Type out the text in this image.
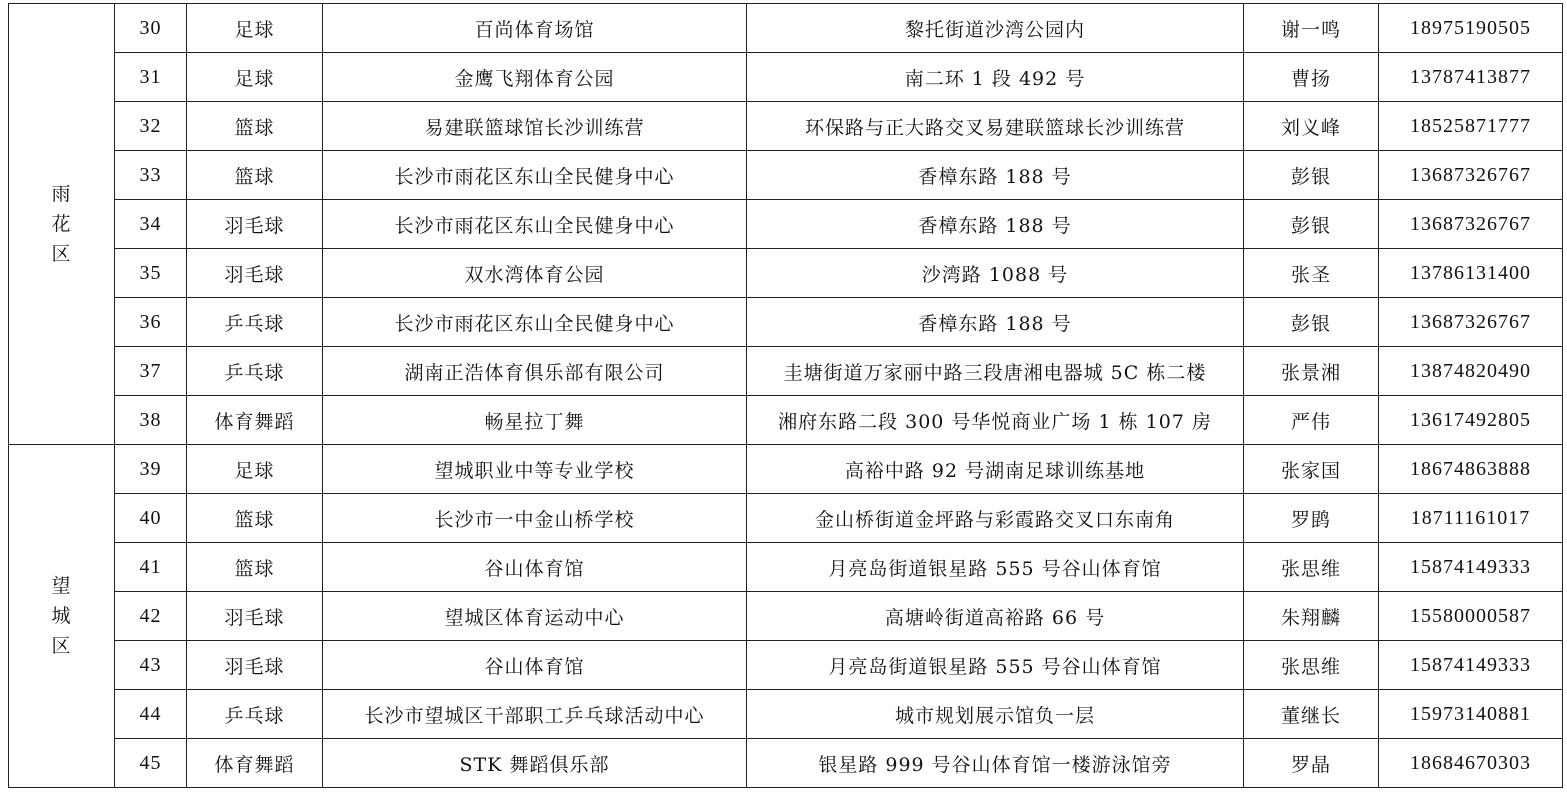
雨
花
区	30	足球	百尚体育场馆	黎托街道沙湾公园内	谢一鸣	18975190505
	31	足球	金鹰飞翔体育公园	南二环 1 段 492 号	曹扬	13787413877
	32	篮球	易建联篮球馆长沙训练营	环保路与正大路交叉易建联篮球长沙训练营	刘义峰	18525871777
	33	篮球	长沙市雨花区东山全民健身中心	香樟东路 188 号	彭银	13687326767
	34	羽毛球	长沙市雨花区东山全民健身中心	香樟东路 188 号	彭银	13687326767
	35	羽毛球	双水湾体育公园	沙湾路 1088 号	张圣	13786131400
	36	乒乓球	长沙市雨花区东山全民健身中心	香樟东路 188 号	彭银	13687326767
	37	乒乓球	湖南正浩体育俱乐部有限公司	圭塘街道万家丽中路三段唐湘电器城 5C 栋二楼	张景湘	13874820490
	38	体育舞蹈	畅星拉丁舞	湘府东路二段 300 号华悦商业广场 1 栋 107 房	严伟	13617492805

望
城
区	39	足球	望城职业中等专业学校	高裕中路 92 号湖南足球训练基地	张家国	18674863888
	40	篮球	长沙市一中金山桥学校	金山桥街道金坪路与彩霞路交叉口东南角	罗鹍	18711161017
	41	篮球	谷山体育馆	月亮岛街道银星路 555 号谷山体育馆	张思维	15874149333
	42	羽毛球	望城区体育运动中心	高塘岭街道高裕路 66 号	朱翔麟	15580000587
	43	羽毛球	谷山体育馆	月亮岛街道银星路 555 号谷山体育馆	张思维	15874149333
	44	乒乓球	长沙市望城区干部职工乒乓球活动中心	城市规划展示馆负一层	董继长	15973140881
	45	体育舞蹈	STK 舞蹈俱乐部	银星路 999 号谷山体育馆一楼游泳馆旁	罗晶	18684670303
